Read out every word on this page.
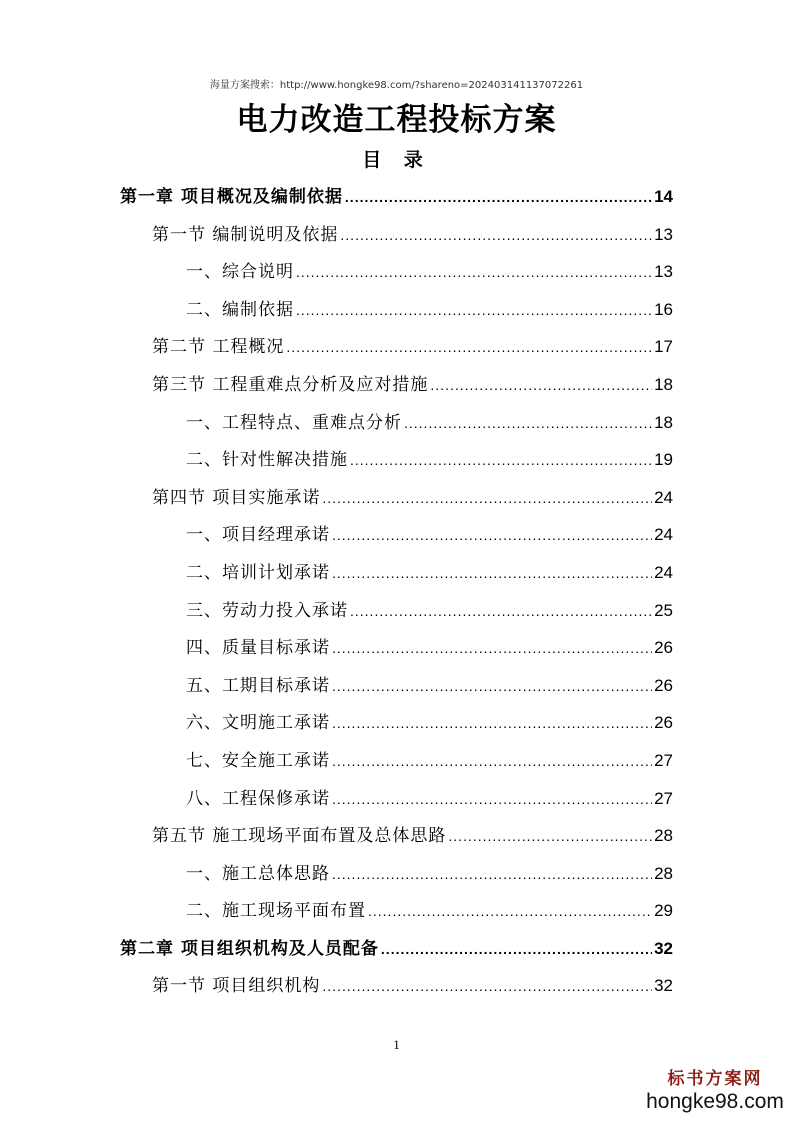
海量方案搜索：http://www.hongke98.com/?shareno=202403141137072261
电力改造工程投标方案
目 录
第一章 项目概况及编制依据 .....	14
第一节 编制说明及依据 .....	13
一、综合说明 .....	13
二、编制依据 .....	16
第二节 工程概况 .....	17
第三节 工程重难点分析及应对措施 .....	18
一、工程特点、重难点分析 .....	18
二、针对性解决措施 .....	19
第四节 项目实施承诺 .....	24
一、项目经理承诺 .....	24
二、培训计划承诺 .....	24
三、劳动力投入承诺 .....	25
四、质量目标承诺 .....	26
五、工期目标承诺 .....	26
六、文明施工承诺 .....	26
七、安全施工承诺 .....	27
八、工程保修承诺 .....	27
第五节 施工现场平面布置及总体思路 .....	28
一、施工总体思路 .....	28
二、施工现场平面布置 .....	29
第二章 项目组织机构及人员配备 .....	32
第一节 项目组织机构 .....	32
1
标书方案网
hongke98.com
